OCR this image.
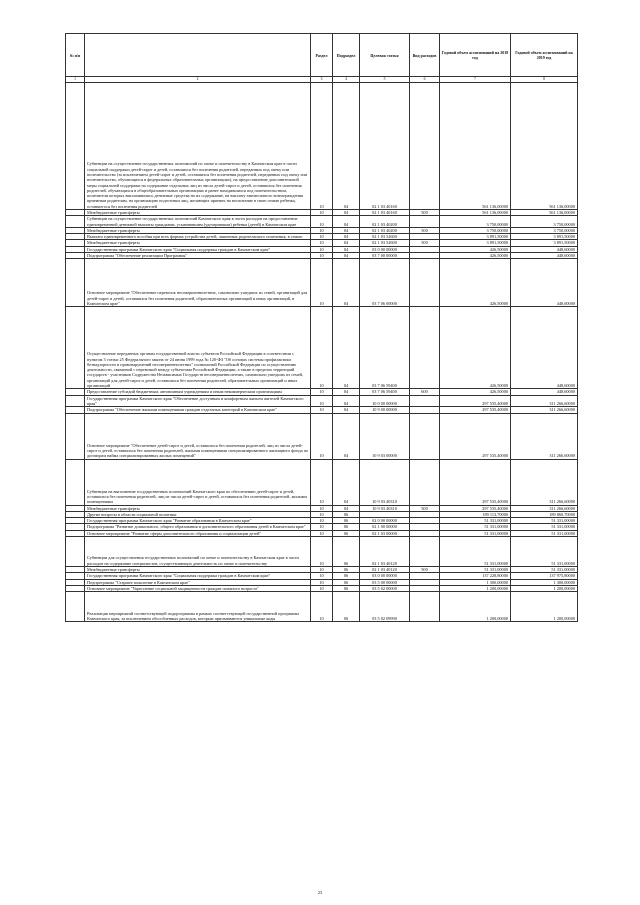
№ п/п		Раздел	Подраздел	Целевая статья	Вид расходов	Годовой объем ассигнований на 2018 год	Годовой объем ассигнований на 2019 год
1	2	3	4	5	6	7	8
	Субвенции на осуществление государственных полномочий по опеке и попечительству в Камчатском крае в части социальной поддержки детей-сирот и детей, оставшихся без попечения родителей, переданных под опеку или попечительство (за исключением детей-сирот и детей, оставшихся без попечения родителей, переданных под опеку или попечительство, обучающихся в федеральных образовательных организациях), на предоставление дополнительной меры социальной поддержки на содержание отдельных лиц из числа детей-сирот и детей, оставшихся без попечения родителей, обучающихся в общеобразовательных организациях и ранее находившихся под попечительством, попечители которых выплачивались денежные средства на их содержание, на выплату ежемесячного вознаграждения приемным родителям, на организацию подготовки лиц, желающих принять на воспитание в свою семью ребенка, оставшегося без попечения родителей	10	04	02 1 03 40160		561 136,00000	561 136,00000
	Межбюджетные трансферты	10	04	02 1 03 40160	500	561 136,00000	561 136,00000
	Субвенции на осуществление государственных полномочий Камчатского края в части расходов на предоставление единовременной денежной выплаты гражданам, усыновившим (удочерившим) ребенка (детей) в Камчатском крае	10	04	02 1 03 40200		3 750,00000	3 750,00000
	Межбюджетные трансферты	10	04	02 1 03 40200	500	3 750,00000	3 750,00000
	Выплата единовременного пособия при всех формах устройства детей, лишенных родительского попечения, в семью	10	04	02 1 03 52600		3 891,50000	3 891,50000
	Межбюджетные трансферты	10	04	02 1 03 52600	500	3 891,50000	3 891,50000
	Государственная программа Камчатского края "Социальная поддержка граждан в Камчатском крае"	10	04	03 0 00 00000		426,50000	448,60000
	Подпрограмма "Обеспечение реализации Программы"	10	04	03 7 00 00000		426,50000	448,60000
	Основное мероприятие "Обеспечение перевозок несовершеннолетних, самовольно ушедших из семей, организаций для детей-сирот и детей, оставшихся без попечения родителей, образовательных организаций и иных организаций, в Камчатском крае"	10	04	03 7 06 00000		426,50000	448,60000
	Осуществление переданных органам государственной власти субъектов Российской Федерации в соответствии с пунктом 3 статьи 25 Федерального закона от 24 июня 1999 года № 120-ФЗ "Об основах системы профилактики безнадзорности и правонарушений несовершеннолетних" полномочий Российской Федерации по осуществлению деятельности, связанной с перевозкой между субъектами Российской Федерации, а также в пределах территорий государств - участников Содружества Независимых Государств несовершеннолетних, самовольно ушедших из семей, организаций для детей-сирот и детей, оставшихся без попечения родителей, образовательных организаций и иных организаций	10	04	03 7 06 59400		426,50000	448,60000
	Предоставление субсидий бюджетным, автономным учреждениям и иным некоммерческим организациям	10	04	03 7 06 59400	600	426,50000	448,60000
	Государственная программа Камчатского края "Обеспечение доступным и комфортным жильем жителей Камчатского края"	10	04	10 0 00 00000		297 535,40000	311 266,60000
	Подпрограмма "Обеспечение жилыми помещениями граждан отдельных категорий в Камчатском крае"	10	04	10 9 00 00000		297 535,40000	311 266,60000
	Основное мероприятие "Обеспечение детей-сирот и детей, оставшихся без попечения родителей, лиц из числа детей-сирот и детей, оставшихся без попечения родителей, жилыми помещениями специализированного жилищного фонда по договорам найма специализированных жилых помещений"	10	04	10 9 03 00000		297 535,40000	311 266,60000
	Субвенции на выполнение государственных полномочий Камчатского края по обеспечению детей-сирот и детей, оставшихся без попечения родителей, лиц из числа детей-сирот и детей, оставшихся без попечения родителей, жилыми помещениями	10	04	10 9 03 40310		297 535,40000	311 266,60000
	Межбюджетные трансферты	10	04	10 9 03 40310	500	297 535,40000	311 266,60000
	Другие вопросы в области социальной политики	10	06			189 113,70000	189 860,70000
	Государственная программа Камчатского края "Развитие образования в Камчатском крае"	10	06	02 0 00 00000		51 331,00000	51 331,00000
	Подпрограмма "Развитие дошкольного, общего образования и дополнительного образования детей в Камчатском крае"	10	06	02 1 00 00000		51 331,00000	51 331,00000
	Основное мероприятие "Развитие сферы дополнительного образования и социализации детей"	10	06	02 1 03 00000		51 331,00000	51 331,00000
	Субвенции для осуществления государственных полномочий по опеке и попечительству в Камчатском крае в части расходов на содержание специалистов, осуществляющих деятельность по опеке и попечительству	10	06	02 1 03 40120		51 331,00000	51 331,00000
	Межбюджетные трансферты	10	06	02 1 03 40120	500	51 331,00000	51 331,00000
	Государственная программа Камчатского края "Социальная поддержка граждан в Камчатском крае"	10	06	03 0 00 00000		137 228,80000	137 975,80000
	Подпрограмма "Старшее поколение в Камчатском крае"	10	06	03 5 00 00000		1 300,00000	1 300,00000
	Основное мероприятие "Укрепление социальной защищенности граждан пожилого возраста"	10	06	03 5 02 00000		1 200,00000	1 200,00000
	Реализация мероприятий соответствующей подпрограммы в рамках соответствующей государственной программы Камчатского края, за исключением обособленных расходов, которым присваиваются уникальные коды	10	06	03 5 02 09990		1 200,00000	1 200,00000
23
